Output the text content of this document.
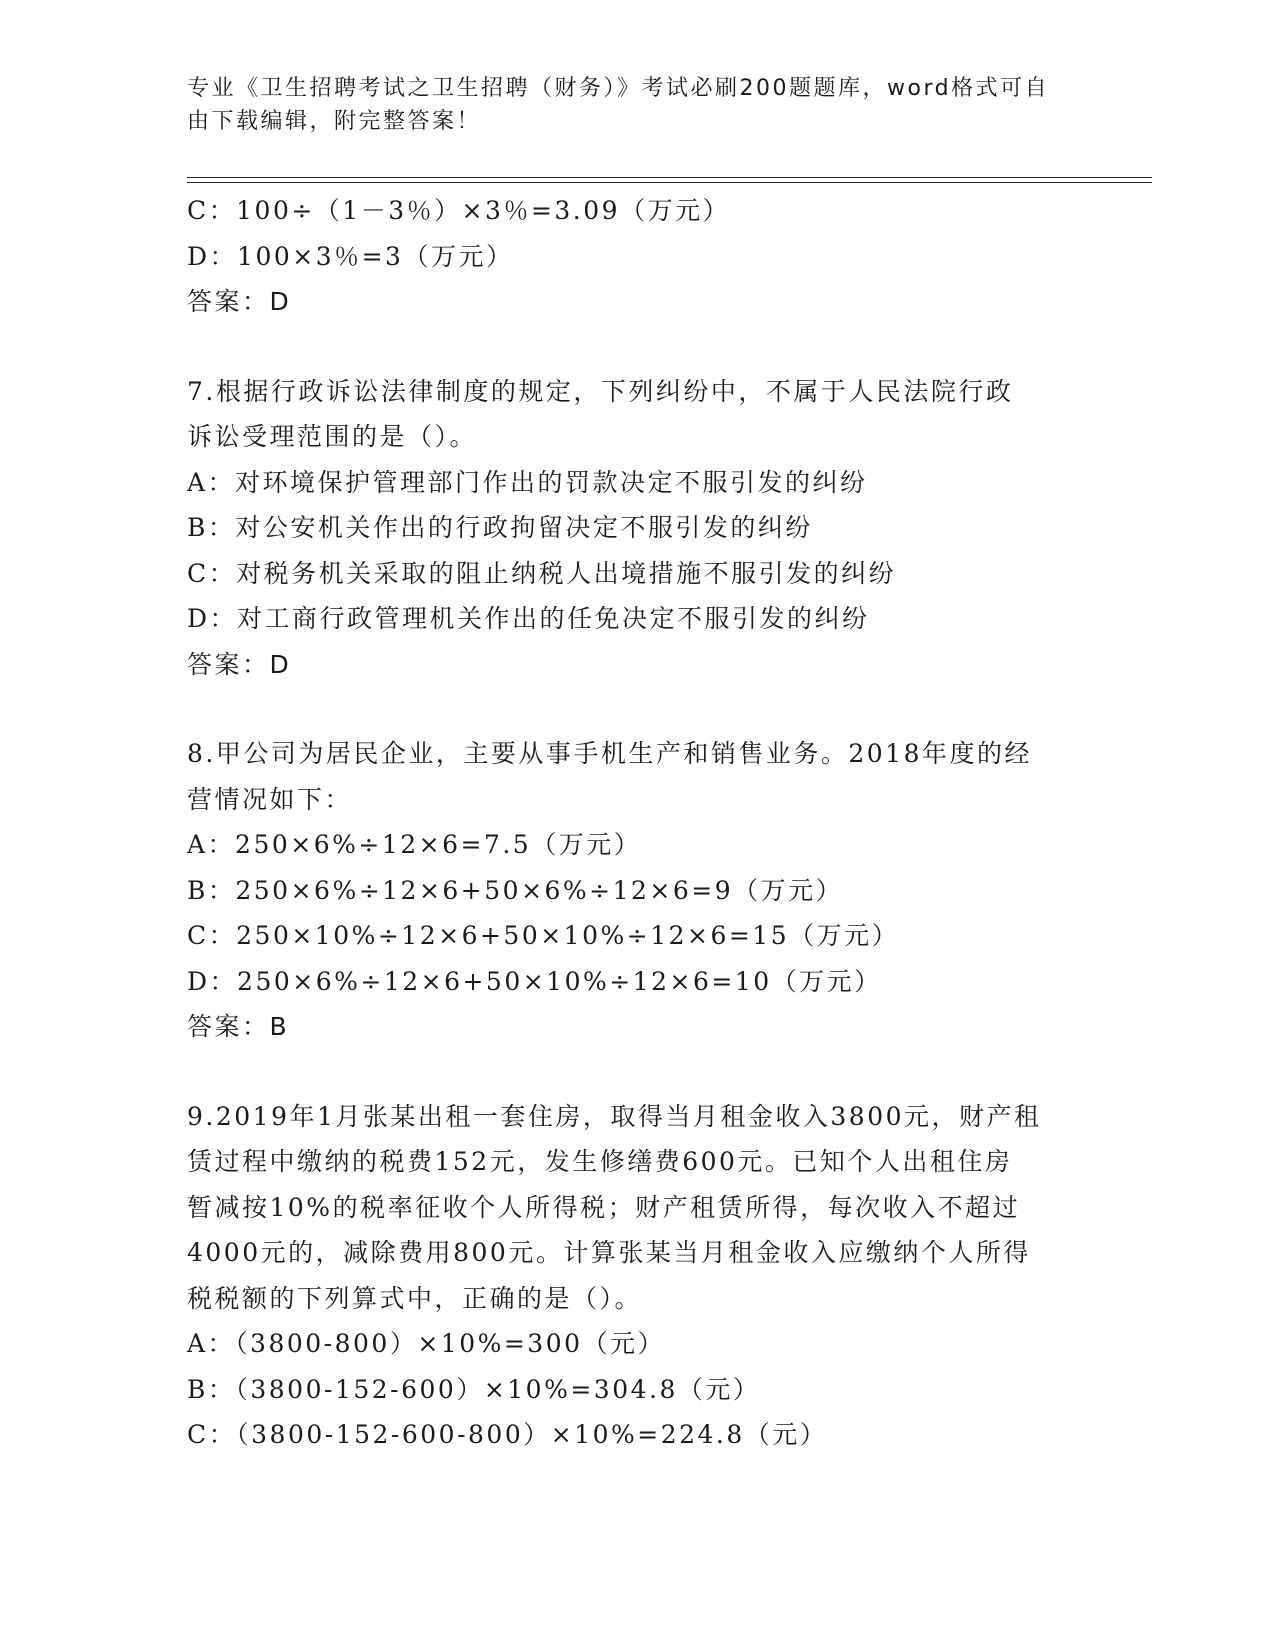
专业《卫生招聘考试之卫生招聘（财务）》考试必刷200题题库，word格式可自
由下载编辑，附完整答案！
C：100÷（1－3％）×3％=3.09（万元）
D：100×3％=3（万元）
答案：D
7.根据行政诉讼法律制度的规定，下列纠纷中，不属于人民法院行政
诉讼受理范围的是（）。
A：对环境保护管理部门作出的罚款决定不服引发的纠纷
B：对公安机关作出的行政拘留决定不服引发的纠纷
C：对税务机关采取的阻止纳税人出境措施不服引发的纠纷
D：对工商行政管理机关作出的任免决定不服引发的纠纷
答案：D
8.甲公司为居民企业，主要从事手机生产和销售业务。2018年度的经
营情况如下：
A：250×6%÷12×6=7.5（万元）
B：250×6%÷12×6+50×6%÷12×6=9（万元）
C：250×10%÷12×6+50×10%÷12×6=15（万元）
D：250×6%÷12×6+50×10%÷12×6=10（万元）
答案：B
9.2019年1月张某出租一套住房，取得当月租金收入3800元，财产租
赁过程中缴纳的税费152元，发生修缮费600元。已知个人出租住房
暂减按10%的税率征收个人所得税；财产租赁所得，每次收入不超过
4000元的，减除费用800元。计算张某当月租金收入应缴纳个人所得
税税额的下列算式中，正确的是（）。
A：（3800-800）×10%=300（元）
B：（3800-152-600）×10%=304.8（元）
C：（3800-152-600-800）×10%=224.8（元）
